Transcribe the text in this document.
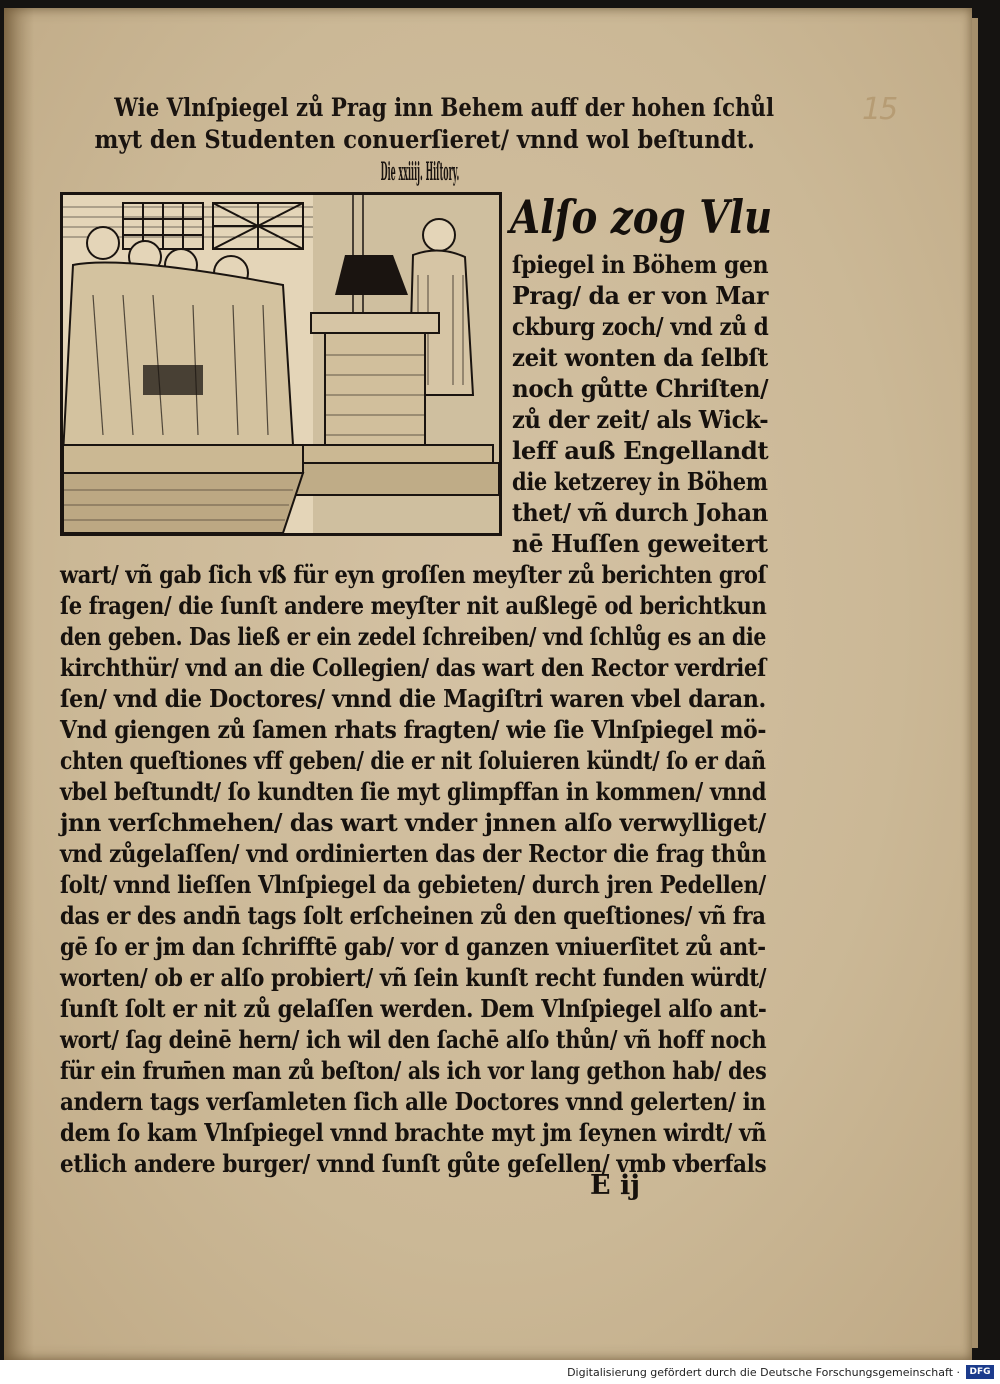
15
Wie Vlnſpiegel zů Prag inn Behem auff der hohen ſchůl
myt den Studenten conuerſieret/ vnnd wol beſtundt.
Die xxiiij. Hiſtory.
Alſo zog Vlu
ſpiegel in Böhem gen
Prag/ da er von Mar
ckburg zoch/ vnd zů d
zeit wonten da ſelbſt
noch gůtte Chriſten/
zů der zeit/ als Wick-
leff auß Engellandt
die ketzerey in Böhem
thet/ vñ durch Johan
nē Huſſen geweitert
wart/ vñ gab ſich vß für eyn groſſen meyſter zů berichten groſ
ſe fragen/ die ſunſt andere meyſter nit außlegē od berichtkun
den geben. Das ließ er ein zedel ſchreiben/ vnd ſchlůg es an die
kirchthür/ vnd an die Collegien/ das wart den Rector verdrieſ
ſen/ vnd die Doctores/ vnnd die Magiſtri waren vbel daran.
Vnd giengen zů ſamen rhats fragten/ wie ſie Vlnſpiegel mö-
chten queſtiones vff geben/ die er nit ſoluieren kündt/ ſo er dañ
vbel beſtundt/ ſo kundten ſie myt glimpffan in kommen/ vnnd
jnn verſchmehen/ das wart vnder jnnen alſo verwylliget/
vnd zůgelaſſen/ vnd ordinierten das der Rector die frag thůn
ſolt/ vnnd lieſſen Vlnſpiegel da gebieten/ durch jren Pedellen/
das er des andn̄ tags ſolt erſcheinen zů den queſtiones/ vñ fra
gē ſo er jm dan ſchrifftē gab/ vor d ganzen vniuerſitet zů ant-
worten/ ob er alſo probiert/ vñ ſein kunſt recht funden würdt/
ſunſt ſolt er nit zů gelaſſen werden. Dem Vlnſpiegel alſo ant-
wort/ ſag deinē hern/ ich wil den ſachē alſo thůn/ vñ hoff noch
für ein frum̄en man zů beſton/ als ich vor lang gethon hab/ des
andern tags verſamleten ſich alle Doctores vnnd gelerten/ in
dem ſo kam Vlnſpiegel vnnd brachte myt jm ſeynen wirdt/ vñ
etlich andere burger/ vnnd ſunſt gůte geſellen/ vmb vberfals
E ij
Digitalisierung gefördert durch die Deutsche Forschungsgemeinschaft ·	DFG
